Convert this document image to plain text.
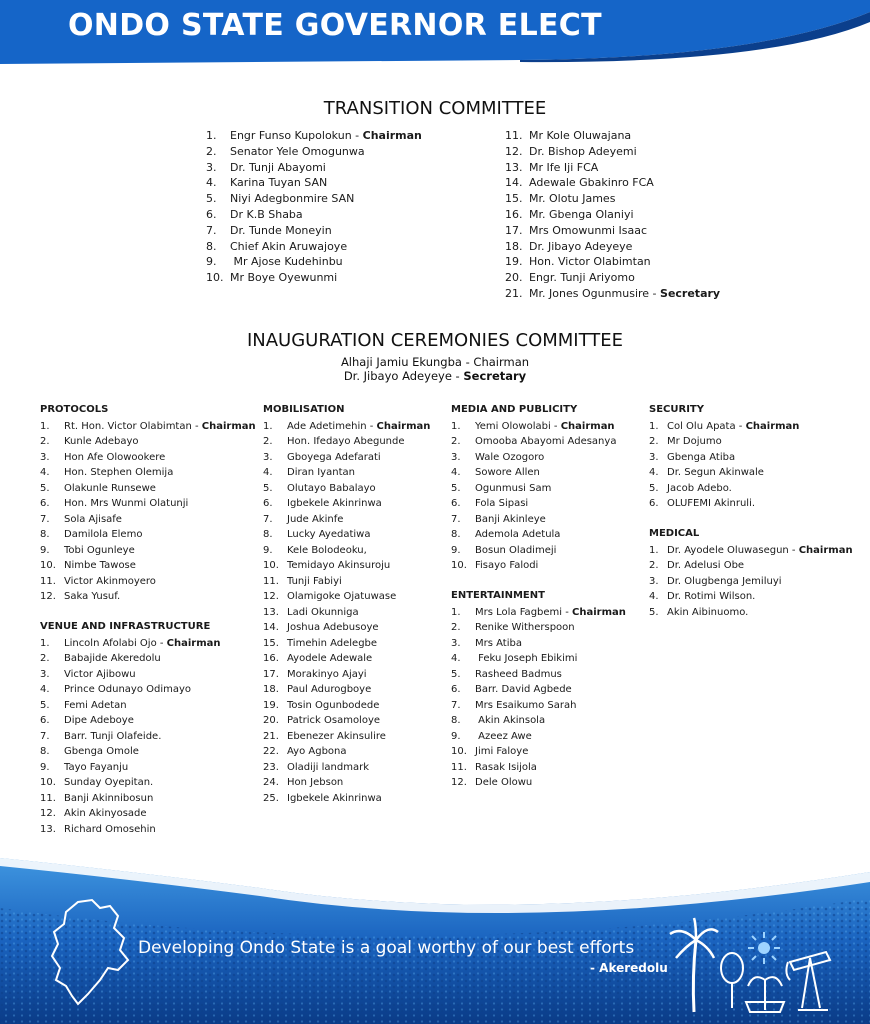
ONDO STATE GOVERNOR ELECT
TRANSITION COMMITTEE
1. Engr Funso Kupolokun - Chairman
2. Senator Yele Omogunwa
3. Dr. Tunji Abayomi
4. Karina Tuyan SAN
5. Niyi Adegbonmire SAN
6. Dr K.B Shaba
7. Dr. Tunde Moneyin
8. Chief Akin Aruwajoye
9. Mr Ajose Kudehinbu
10. Mr Boye Oyewunmi
11. Mr Kole Oluwajana
12. Dr. Bishop Adeyemi
13. Mr Ife Iji FCA
14. Adewale Gbakinro FCA
15. Mr. Olotu James
16. Mr. Gbenga Olaniyi
17. Mrs Omowunmi Isaac
18. Dr. Jibayo Adeyeye
19. Hon. Victor Olabimtan
20. Engr. Tunji Ariyomo
21. Mr. Jones Ogunmusire - Secretary
INAUGURATION CEREMONIES COMMITTEE
Alhaji Jamiu Ekungba - Chairman
Dr. Jibayo Adeyeye - Secretary
PROTOCOLS
1. Rt. Hon. Victor Olabimtan - Chairman
2. Kunle Adebayo
3. Hon Afe Olowookere
4. Hon. Stephen Olemija
5. Olakunle Runsewe
6. Hon. Mrs Wunmi Olatunji
7. Sola Ajisafe
8. Damilola Elemo
9. Tobi Ogunleye
10. Nimbe Tawose
11. Victor Akinmoyero
12. Saka Yusuf.
VENUE AND INFRASTRUCTURE
1. Lincoln Afolabi Ojo - Chairman
2. Babajide Akeredolu
3. Victor Ajibowu
4. Prince Odunayo Odimayo
5. Femi Adetan
6. Dipe Adeboye
7. Barr. Tunji Olafeide.
8. Gbenga Omole
9. Tayo Fayanju
10. Sunday Oyepitan.
11. Banji Akinnibosun
12. Akin Akinyosade
13. Richard Omosehin
MOBILISATION
1. Ade Adetimehin - Chairman
2. Hon. Ifedayo Abegunde
3. Gboyega Adefarati
4. Diran Iyantan
5. Olutayo Babalayo
6. Igbekele Akinrinwa
7. Jude Akinfe
8. Lucky Ayedatiwa
9. Kele Bolodeoku,
10. Temidayo Akinsuroju
11. Tunji Fabiyi
12. Olamigoke Ojatuwase
13. Ladi Okunniga
14. Joshua Adebusoye
15. Timehin Adelegbe
16. Ayodele Adewale
17. Morakinyo Ajayi
18. Paul Adurogboye
19. Tosin Ogunbodede
20. Patrick Osamoloye
21. Ebenezer Akinsulire
22. Ayo Agbona
23. Oladiji landmark
24. Hon Jebson
25. Igbekele Akinrinwa
MEDIA AND PUBLICITY
1. Yemi Olowolabi - Chairman
2. Omooba Abayomi Adesanya
3. Wale Ozogoro
4. Sowore Allen
5. Ogunmusi Sam
6. Fola Sipasi
7. Banji Akinleye
8. Ademola Adetula
9. Bosun Oladimeji
10. Fisayo Falodi
ENTERTAINMENT
1. Mrs Lola Fagbemi - Chairman
2. Renike Witherspoon
3. Mrs Atiba
4. Feku Joseph Ebikimi
5. Rasheed Badmus
6. Barr. David Agbede
7. Mrs Esaikumo Sarah
8. Akin Akinsola
9. Azeez Awe
10. Jimi Faloye
11. Rasak Isijola
12. Dele Olowu
SECURITY
1. Col Olu Apata - Chairman
2. Mr Dojumo
3. Gbenga Atiba
4. Dr. Segun Akinwale
5. Jacob Adebo.
6. OLUFEMI Akinruli.
MEDICAL
1. Dr. Ayodele Oluwasegun - Chairman
2. Dr. Adelusi Obe
3. Dr. Olugbenga Jemiluyi
4. Dr. Rotimi Wilson.
5. Akin Aibinuomo.
Developing Ondo State is a goal worthy of our best efforts
- Akeredolu
